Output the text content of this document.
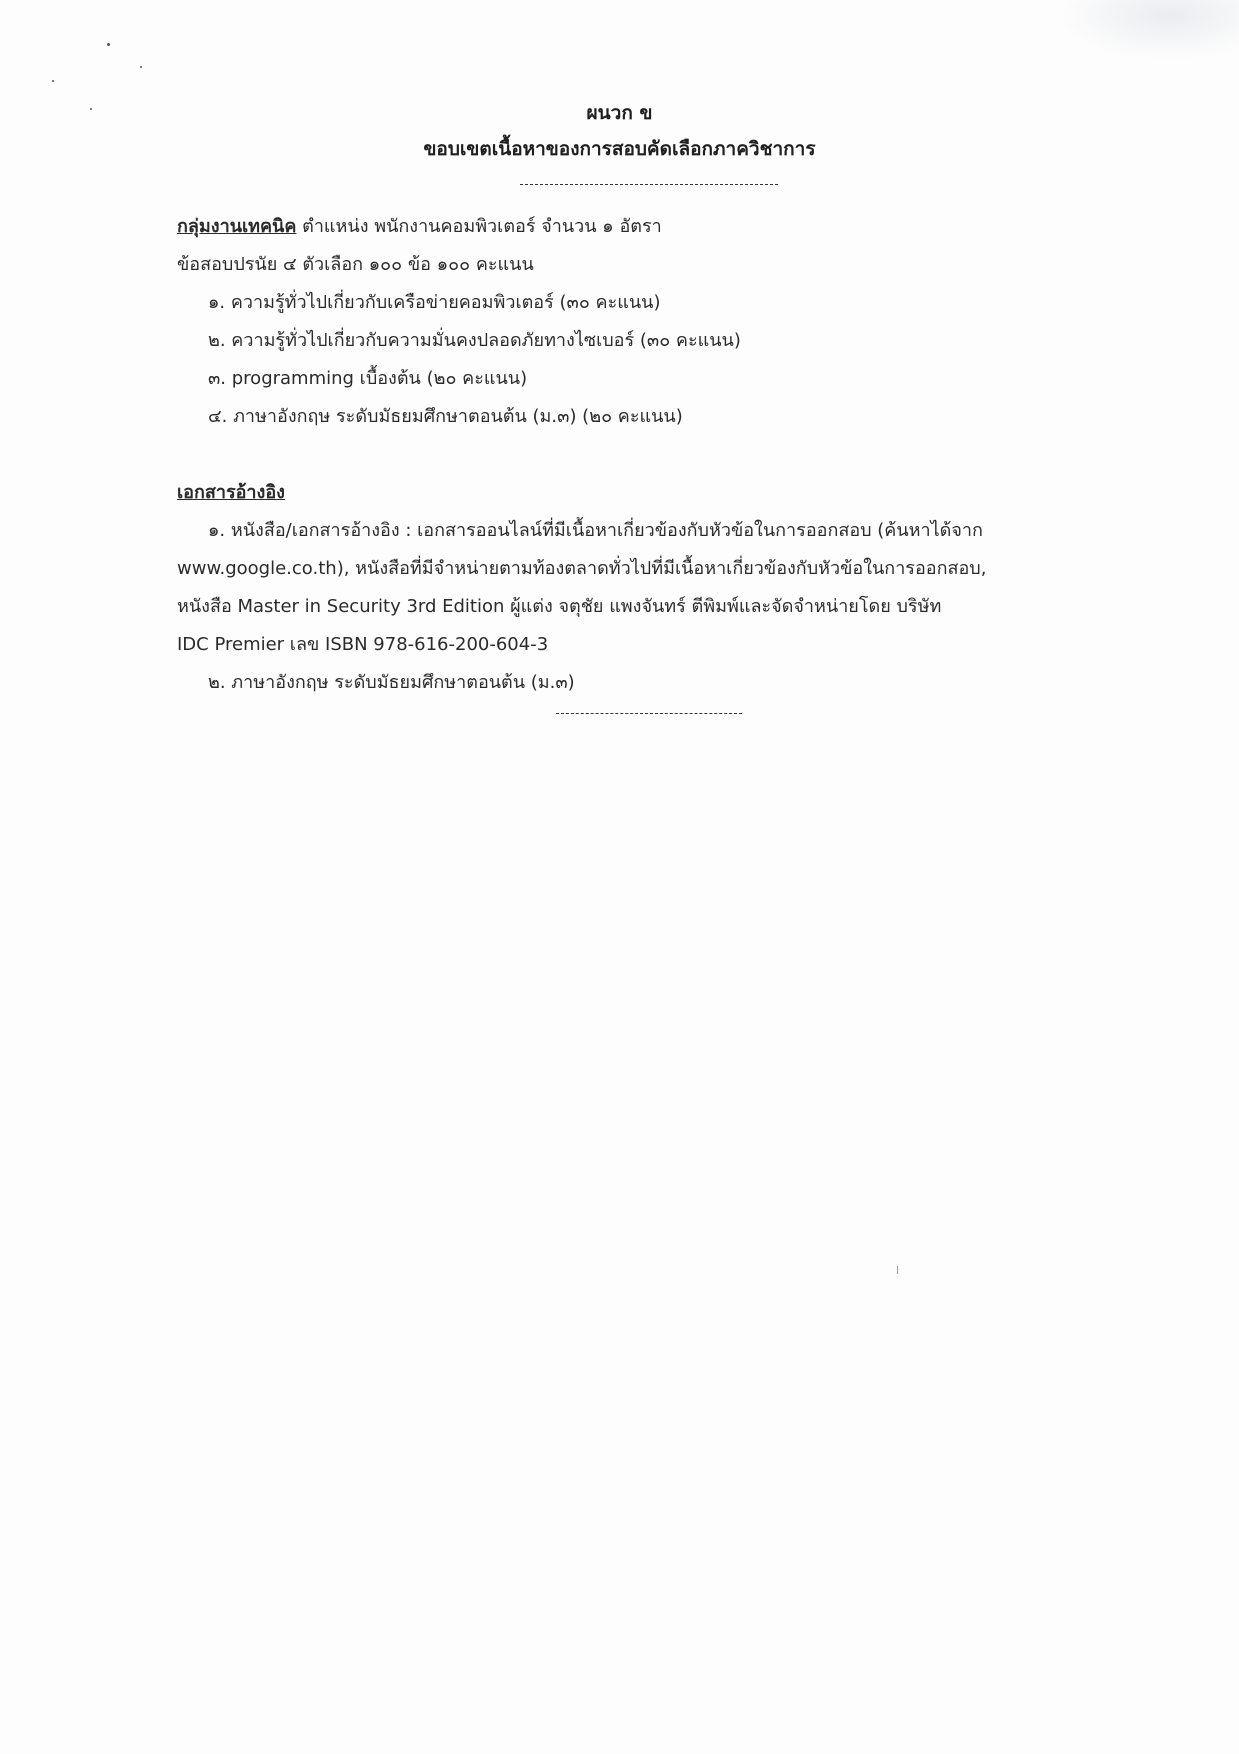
ผนวก ข
ขอบเขตเนื้อหาของการสอบคัดเลือกภาควิชาการ
กลุ่มงานเทคนิค ตำแหน่ง พนักงานคอมพิวเตอร์ จำนวน ๑ อัตรา
ข้อสอบปรนัย ๔ ตัวเลือก ๑๐๐ ข้อ ๑๐๐ คะแนน
๑. ความรู้ทั่วไปเกี่ยวกับเครือข่ายคอมพิวเตอร์ (๓๐ คะแนน)
๒. ความรู้ทั่วไปเกี่ยวกับความมั่นคงปลอดภัยทางไซเบอร์ (๓๐ คะแนน)
๓. programming เบื้องต้น (๒๐ คะแนน)
๔. ภาษาอังกฤษ ระดับมัธยมศึกษาตอนต้น (ม.๓) (๒๐ คะแนน)
เอกสารอ้างอิง
๑. หนังสือ/เอกสารอ้างอิง : เอกสารออนไลน์ที่มีเนื้อหาเกี่ยวข้องกับหัวข้อในการออกสอบ (ค้นหาได้จาก
www.google.co.th), หนังสือที่มีจำหน่ายตามท้องตลาดทั่วไปที่มีเนื้อหาเกี่ยวข้องกับหัวข้อในการออกสอบ,
หนังสือ Master in Security 3rd Edition ผู้แต่ง จตุชัย แพงจันทร์ ตีพิมพ์และจัดจำหน่ายโดย บริษัท
IDC Premier เลข ISBN 978-616-200-604-3
๒. ภาษาอังกฤษ ระดับมัธยมศึกษาตอนต้น (ม.๓)
